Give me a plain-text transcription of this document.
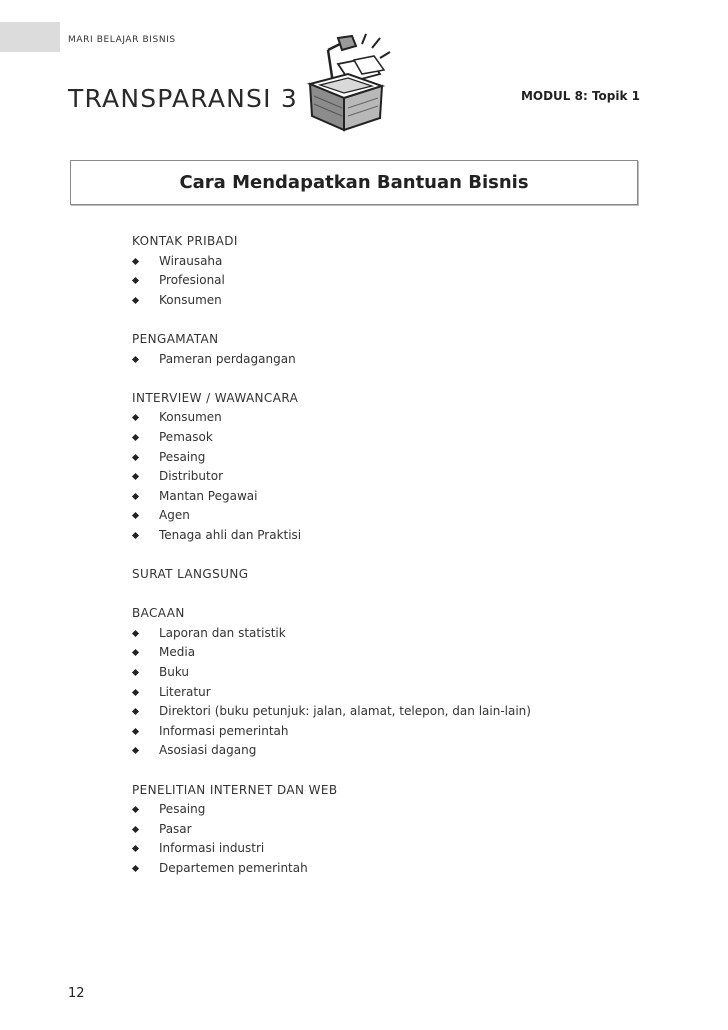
MARI BELAJAR BISNIS
TRANSPARANSI 3	MODUL 8: Topik 1
Cara Mendapatkan Bantuan Bisnis
KONTAK PRIBADI
Wirausaha
Profesional
Konsumen
PENGAMATAN
Pameran perdagangan
INTERVIEW / WAWANCARA
Konsumen
Pemasok
Pesaing
Distributor
Mantan Pegawai
Agen
Tenaga ahli dan Praktisi
SURAT LANGSUNG
BACAAN
Laporan dan statistik
Media
Buku
Literatur
Direktori (buku petunjuk: jalan, alamat, telepon, dan lain-lain)
Informasi pemerintah
Asosiasi dagang
PENELITIAN INTERNET DAN WEB
Pesaing
Pasar
Informasi industri
Departemen pemerintah
12
